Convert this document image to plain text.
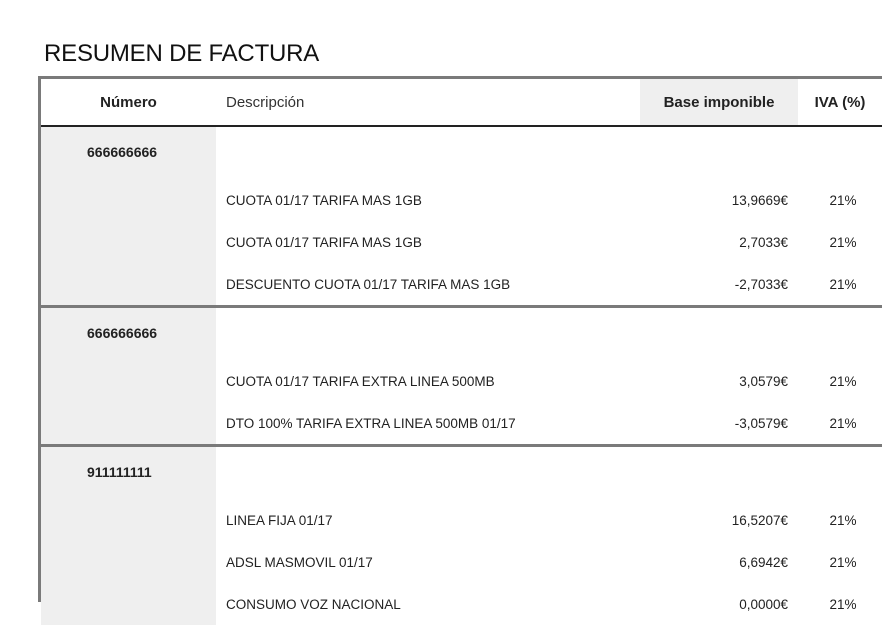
RESUMEN DE FACTURA
Número	Descripción	Base imponible	IVA (%)
666666666
CUOTA 01/17 TARIFA MAS 1GB	13,9669€	21%
CUOTA 01/17 TARIFA MAS 1GB	2,7033€	21%
DESCUENTO CUOTA 01/17 TARIFA MAS 1GB	-2,7033€	21%
666666666
CUOTA 01/17 TARIFA EXTRA LINEA 500MB	3,0579€	21%
DTO 100% TARIFA EXTRA LINEA 500MB 01/17	-3,0579€	21%
911111111
LINEA FIJA 01/17	16,5207€	21%
ADSL MASMOVIL 01/17	6,6942€	21%
CONSUMO VOZ NACIONAL	0,0000€	21%
